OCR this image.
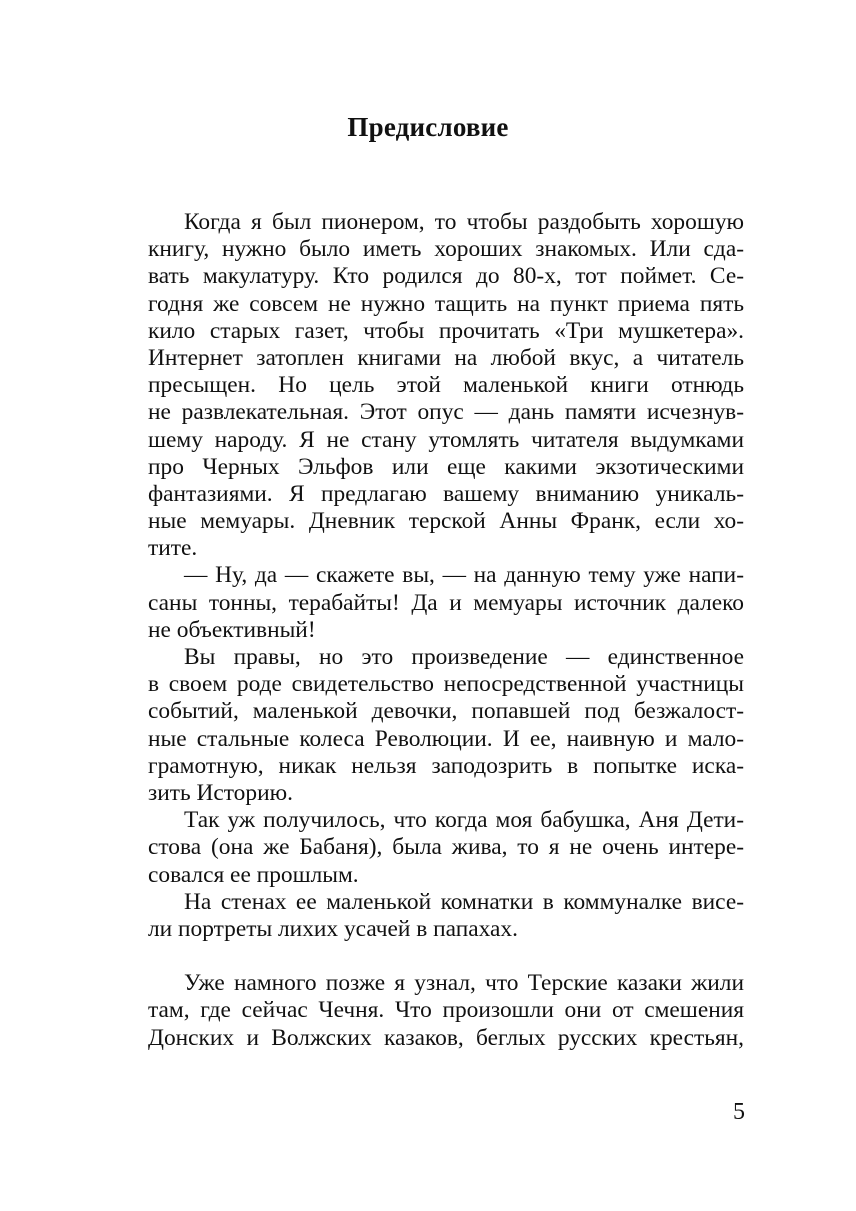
Предисловие
Когда я был пионером, то чтобы раздобыть хорошую
книгу, нужно было иметь хороших знакомых. Или сда-
вать макулатуру. Кто родился до 80-х, тот поймет. Се-
годня же совсем не нужно тащить на пункт приема пять
кило старых газет, чтобы прочитать «Три мушкетера».
Интернет затоплен книгами на любой вкус, а читатель
пресыщен. Но цель этой маленькой книги отнюдь
не развлекательная. Этот опус — дань памяти исчезнув-
шему народу. Я не стану утомлять читателя выдумками
про Черных Эльфов или еще какими экзотическими
фантазиями. Я предлагаю вашему вниманию уникаль-
ные мемуары. Дневник терской Анны Франк, если хо-
тите.
— Ну, да — скажете вы, — на данную тему уже напи-
саны тонны, терабайты! Да и мемуары источник далеко
не объективный!
Вы правы, но это произведение — единственное
в своем роде свидетельство непосредственной участницы
событий, маленькой девочки, попавшей под безжалост-
ные стальные колеса Революции. И ее, наивную и мало-
грамотную, никак нельзя заподозрить в попытке иска-
зить Историю.
Так уж получилось, что когда моя бабушка, Аня Дети-
стова (она же Бабаня), была жива, то я не очень интере-
совался ее прошлым.
На стенах ее маленькой комнатки в коммуналке висе-
ли портреты лихих усачей в папахах.
Уже намного позже я узнал, что Терские казаки жили
там, где сейчас Чечня. Что произошли они от смешения
Донских и Волжских казаков, беглых русских крестьян,
5
